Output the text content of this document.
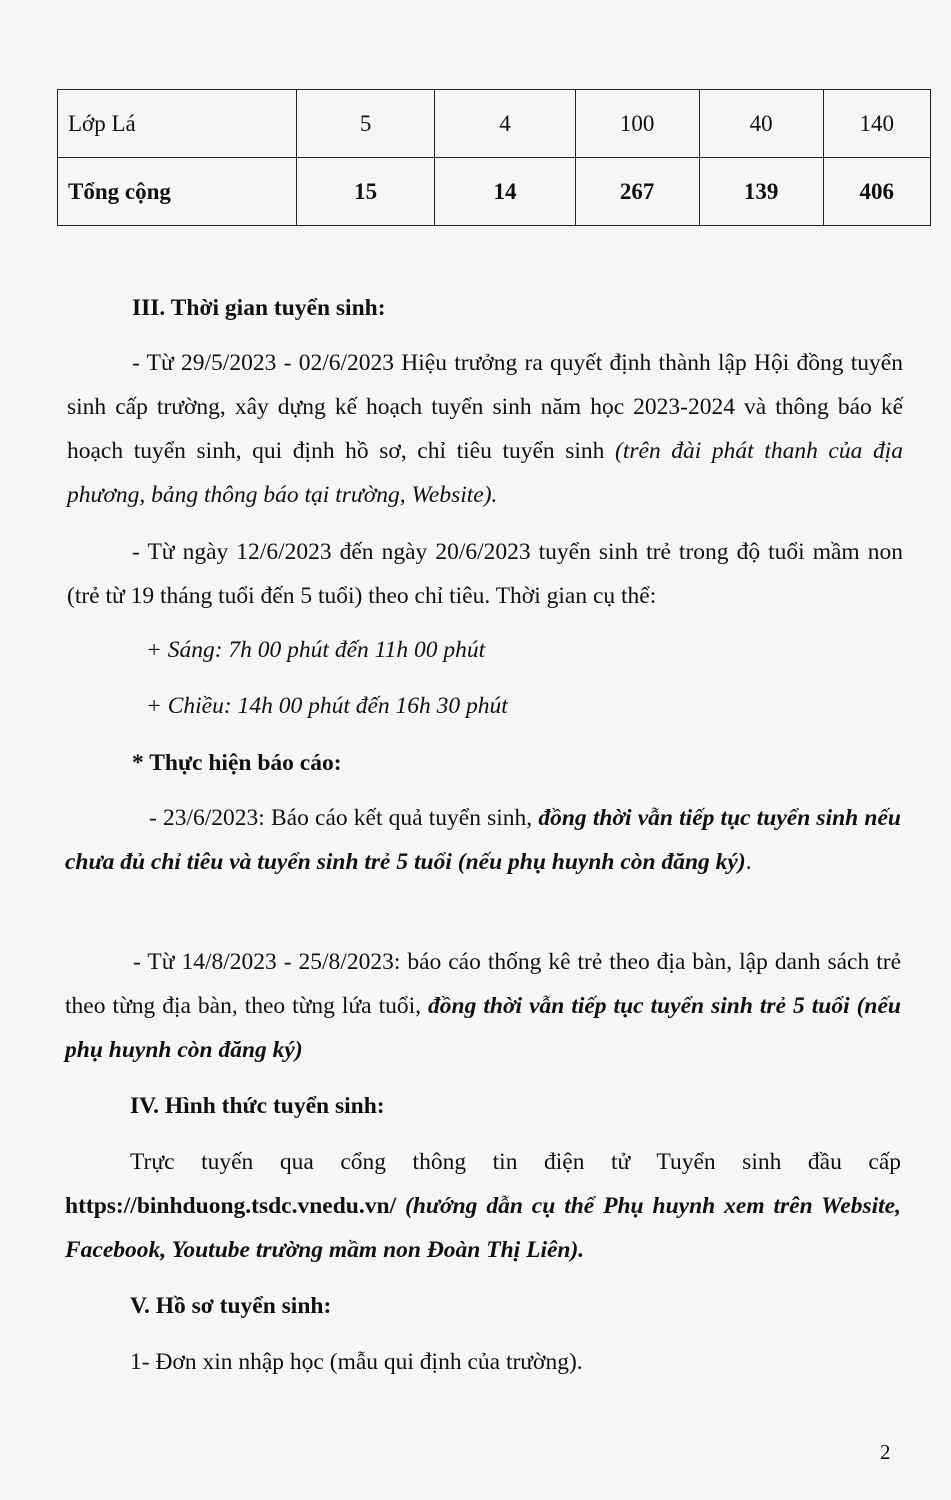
Lớp Lá	5	4	100	40	140
Tổng cộng	15	14	267	139	406

III. Thời gian tuyển sinh:

- Từ 29/5/2023 - 02/6/2023 Hiệu trưởng ra quyết định thành lập Hội đồng tuyển sinh cấp trường, xây dựng kế hoạch tuyển sinh năm học 2023-2024 và thông báo kế hoạch tuyển sinh, qui định hồ sơ, chỉ tiêu tuyển sinh (trên đài phát thanh của địa phương, bảng thông báo tại trường, Website).

- Từ ngày 12/6/2023 đến ngày 20/6/2023 tuyển sinh trẻ trong độ tuổi mầm non (trẻ từ 19 tháng tuổi đến 5 tuổi) theo chỉ tiêu. Thời gian cụ thể:

+ Sáng: 7h 00 phút đến 11h 00 phút

+ Chiều: 14h 00 phút đến 16h 30 phút

* Thực hiện báo cáo:

- 23/6/2023: Báo cáo kết quả tuyển sinh, đồng thời vẫn tiếp tục tuyển sinh nếu chưa đủ chỉ tiêu và tuyển sinh trẻ 5 tuổi (nếu phụ huynh còn đăng ký).

- Từ 14/8/2023 - 25/8/2023: báo cáo thống kê trẻ theo địa bàn, lập danh sách trẻ theo từng địa bàn, theo từng lứa tuổi, đồng thời vẫn tiếp tục tuyển sinh trẻ 5 tuổi (nếu phụ huynh còn đăng ký)

IV. Hình thức tuyển sinh:

Trực tuyến qua cổng thông tin điện tử Tuyển sinh đầu cấp https://binhduong.tsdc.vnedu.vn/ (hướng dẫn cụ thể Phụ huynh xem trên Website, Facebook, Youtube trường mầm non Đoàn Thị Liên).

V. Hồ sơ tuyển sinh:

1- Đơn xin nhập học (mẫu qui định của trường).

2
